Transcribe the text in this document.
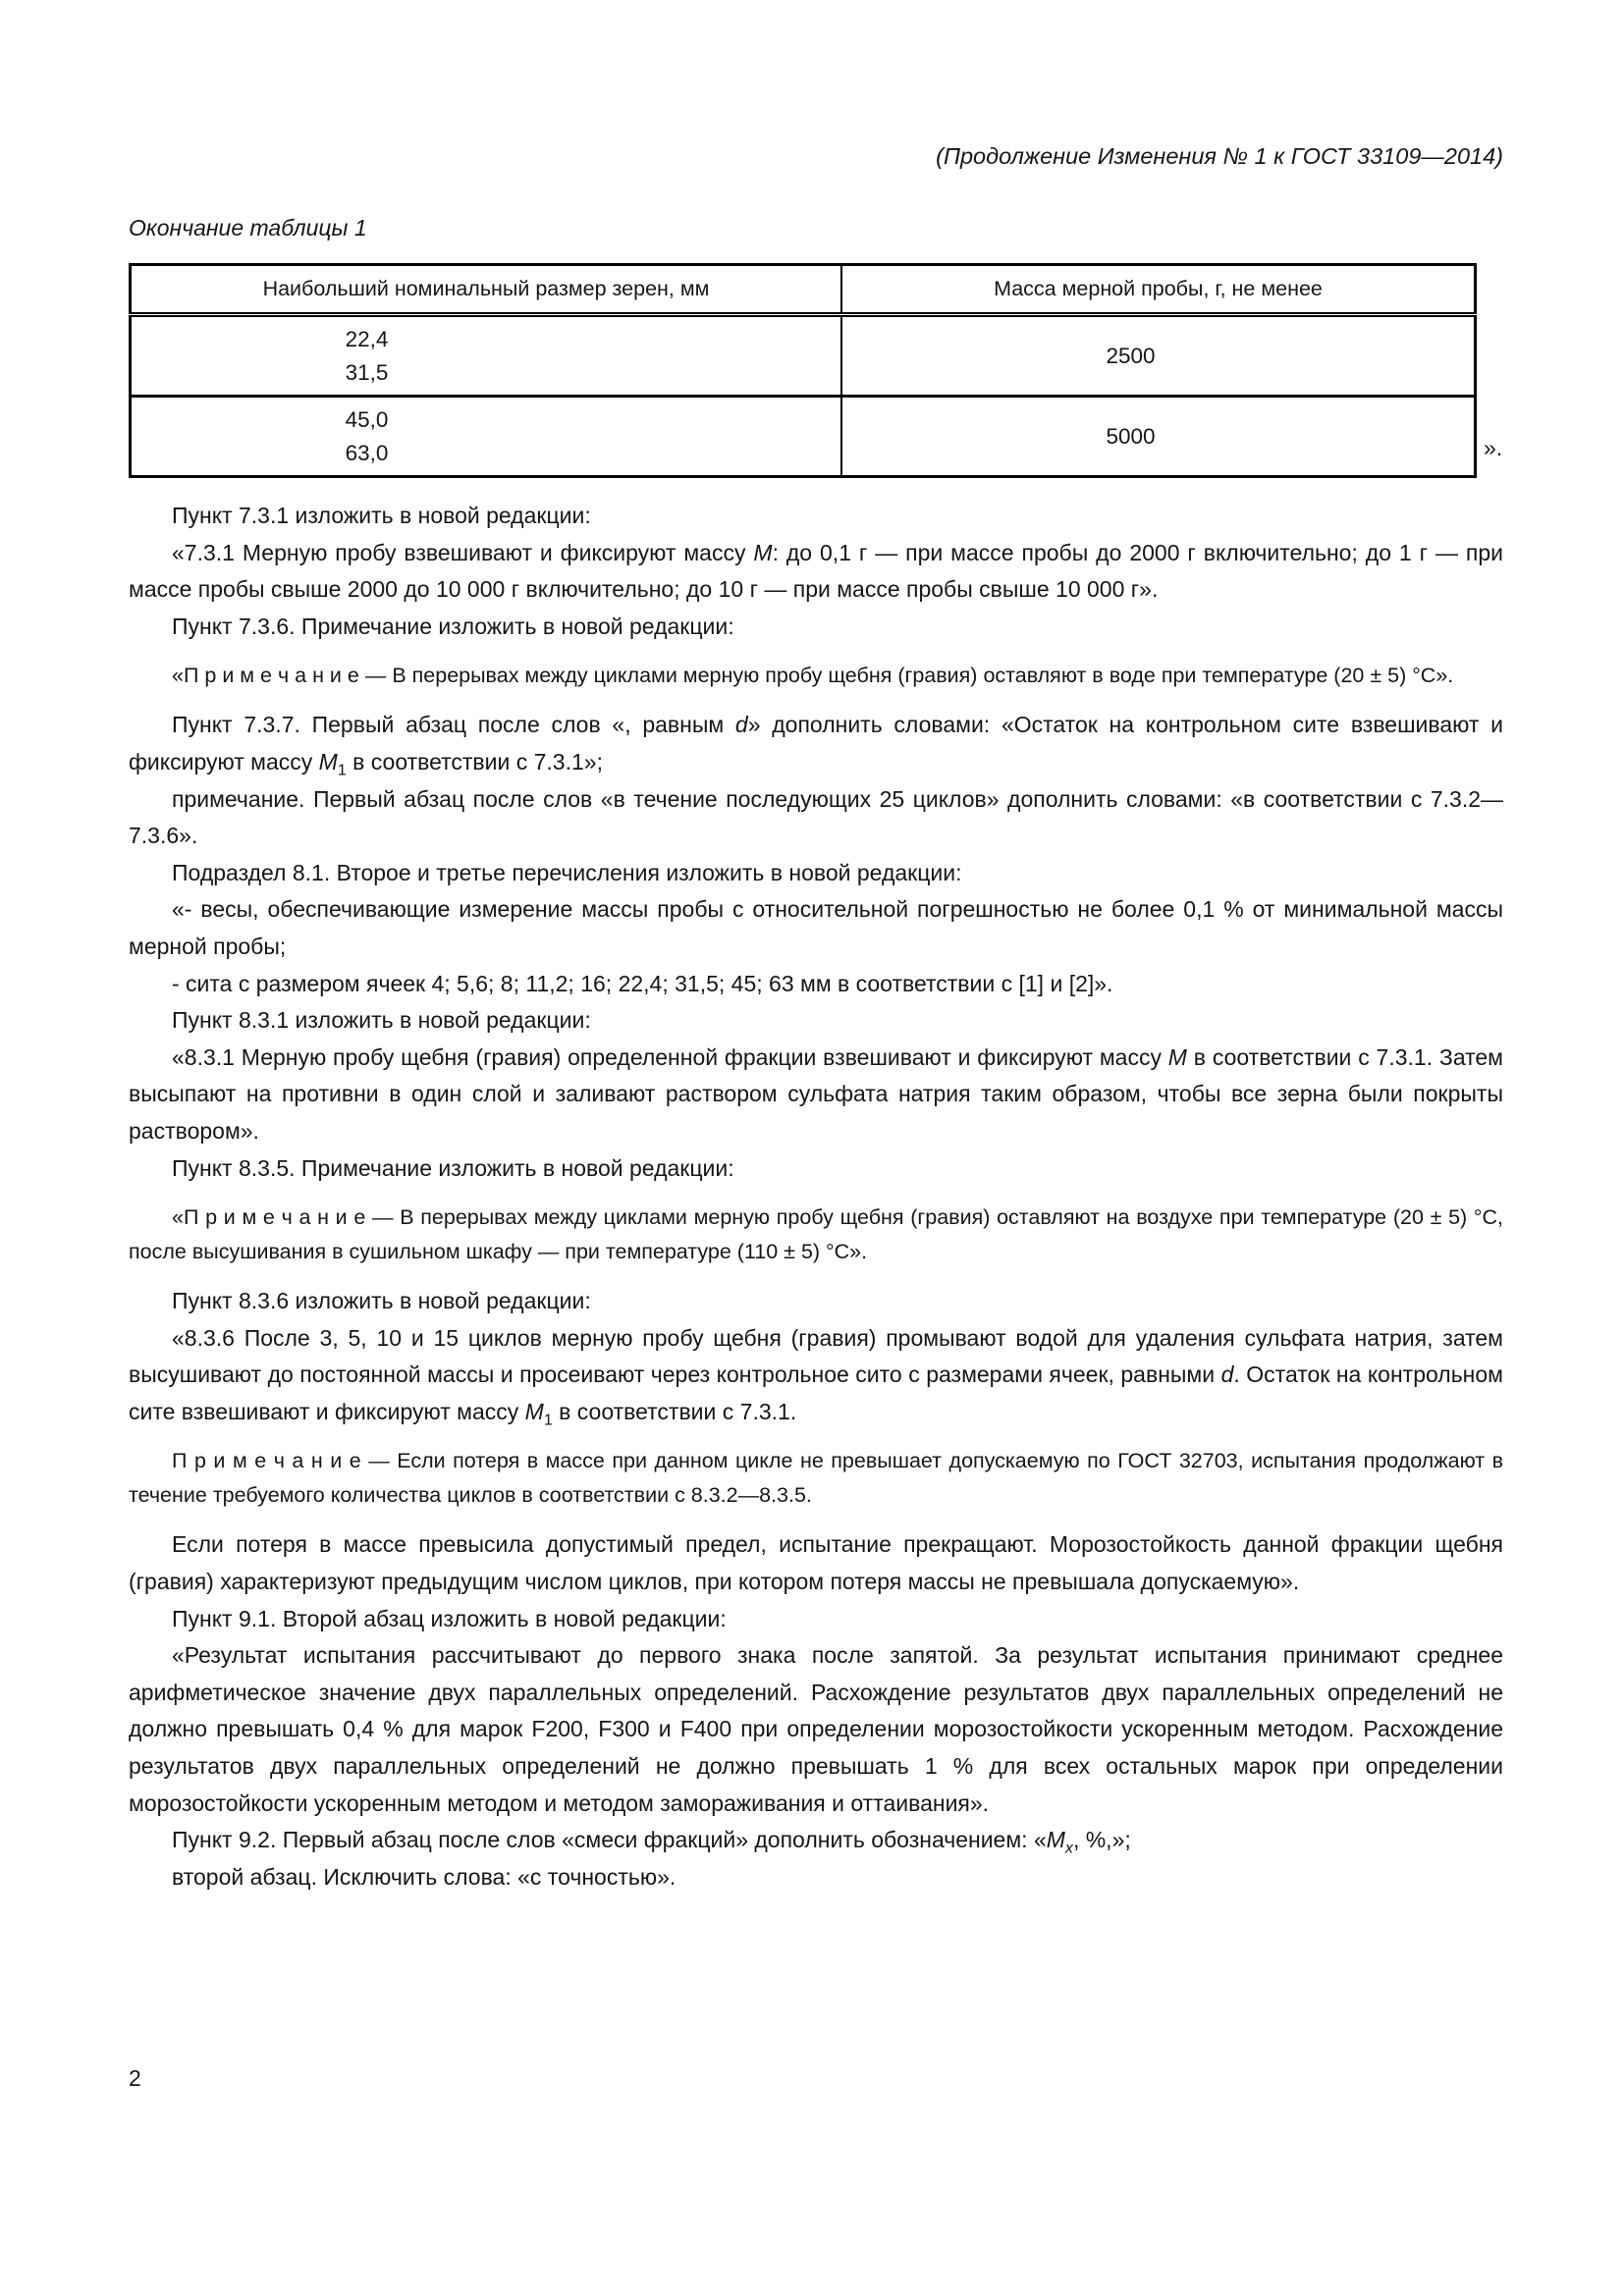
(Продолжение Изменения № 1 к ГОСТ 33109—2014)
Окончание таблицы 1
Наибольший номинальный размер зерен, мм	Масса мерной пробы, г, не менее

22,4
31,5	2500

45,0
63,0	5000	».

Пункт 7.3.1 изложить в новой редакции:

«7.3.1 Мерную пробу взвешивают и фиксируют массу М: до 0,1 г — при массе пробы до 2000 г включительно; до 1 г — при массе пробы свыше 2000 до 10 000 г включительно; до 10 г — при массе пробы свыше 10 000 г».

Пункт 7.3.6. Примечание изложить в новой редакции:

«П р и м е ч а н и е — В перерывах между циклами мерную пробу щебня (гравия) оставляют в воде при температуре (20 ± 5) °С».

Пункт 7.3.7. Первый абзац после слов «, равным d» дополнить словами: «Остаток на контрольном сите взвешивают и фиксируют массу $М_1$ в соответствии с 7.3.1»;

примечание. Первый абзац после слов «в течение последующих 25 циклов» дополнить словами: «в соответствии с 7.3.2—7.3.6».

Подраздел 8.1. Второе и третье перечисления изложить в новой редакции:

«- весы, обеспечивающие измерение массы пробы с относительной погрешностью не более 0,1 % от минимальной массы мерной пробы;

- сита с размером ячеек 4; 5,6; 8; 11,2; 16; 22,4; 31,5; 45; 63 мм в соответствии с [1] и [2]».

Пункт 8.3.1 изложить в новой редакции:

«8.3.1 Мерную пробу щебня (гравия) определенной фракции взвешивают и фиксируют массу М в соответствии с 7.3.1. Затем высыпают на противни в один слой и заливают раствором сульфата натрия таким образом, чтобы все зерна были покрыты раствором».

Пункт 8.3.5. Примечание изложить в новой редакции:

«П р и м е ч а н и е — В перерывах между циклами мерную пробу щебня (гравия) оставляют на воздухе при температуре (20 ± 5) °С, после высушивания в сушильном шкафу — при температуре (110 ± 5) °С».

Пункт 8.3.6 изложить в новой редакции:

«8.3.6 После 3, 5, 10 и 15 циклов мерную пробу щебня (гравия) промывают водой для удаления сульфата натрия, затем высушивают до постоянной массы и просеивают через контрольное сито с размерами ячеек, равными d. Остаток на контрольном сите взвешивают и фиксируют массу $М_1$ в соответствии с 7.3.1.

П р и м е ч а н и е — Если потеря в массе при данном цикле не превышает допускаемую по ГОСТ 32703, испытания продолжают в течение требуемого количества циклов в соответствии с 8.3.2—8.3.5.

Если потеря в массе превысила допустимый предел, испытание прекращают. Морозостойкость данной фракции щебня (гравия) характеризуют предыдущим числом циклов, при котором потеря массы не превышала допускаемую».

Пункт 9.1. Второй абзац изложить в новой редакции:

«Результат испытания рассчитывают до первого знака после запятой. За результат испытания принимают среднее арифметическое значение двух параллельных определений. Расхождение результатов двух параллельных определений не должно превышать 0,4 % для марок F200, F300 и F400 при определении морозостойкости ускоренным методом. Расхождение результатов двух параллельных определений не должно превышать 1 % для всех остальных марок при определении морозостойкости ускоренным методом и методом замораживания и оттаивания».

Пункт 9.2. Первый абзац после слов «смеси фракций» дополнить обозначением: «$М_х$, %,»;

второй абзац. Исключить слова: «с точностью».

2
